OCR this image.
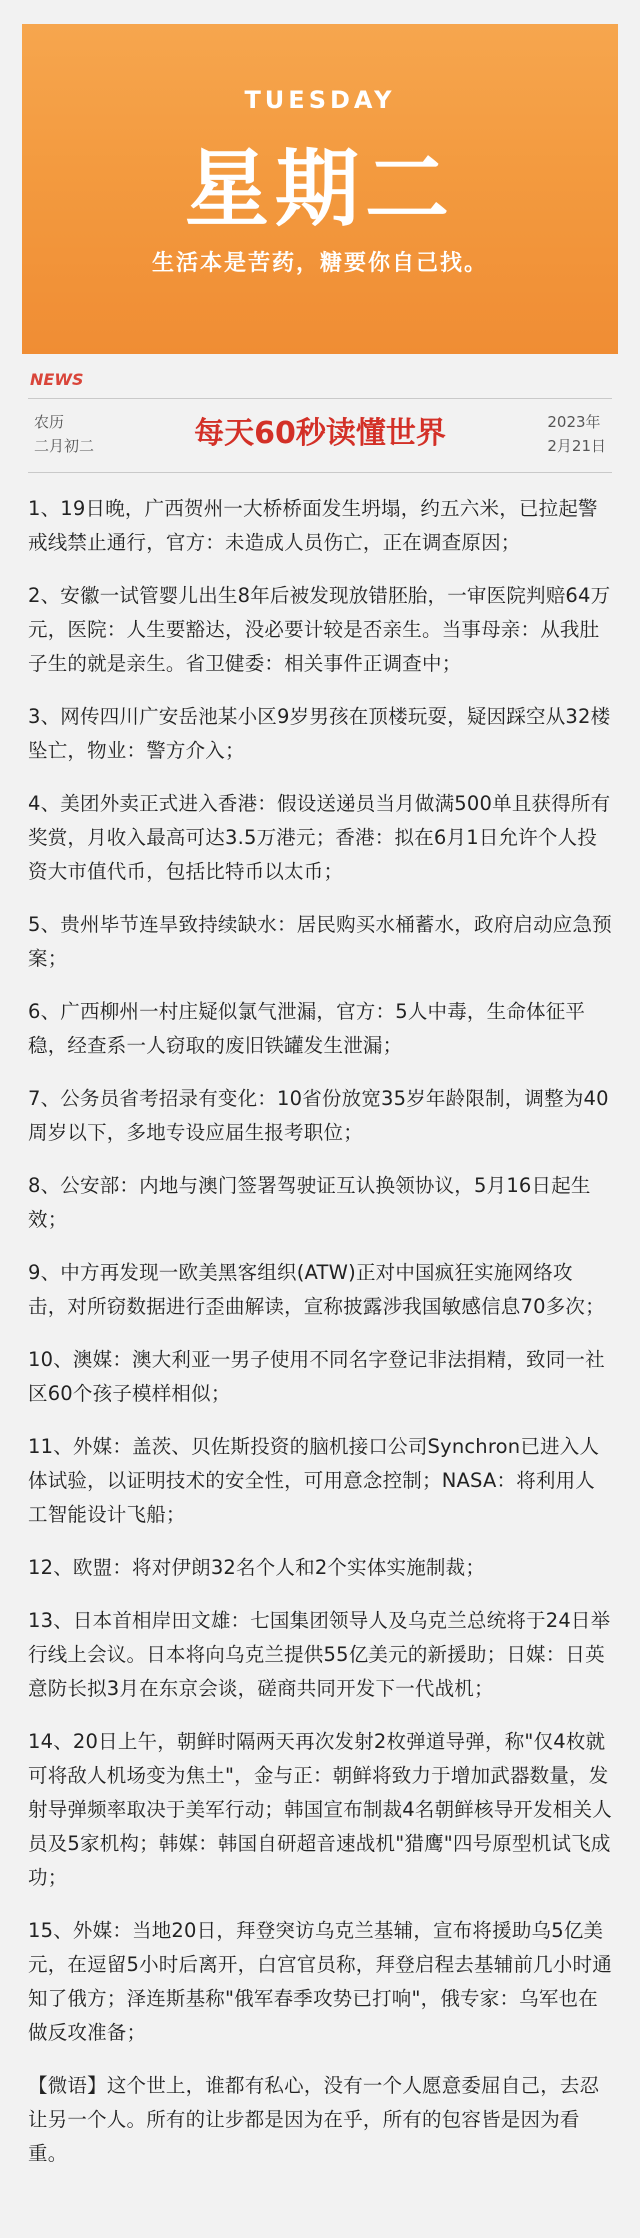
TUESDAY
星期二
生活本是苦药，糖要你自己找。
NEWS
农历
二月初二	每天60秒读懂世界	2023年
2月21日

1、19日晚，广西贺州一大桥桥面发生坍塌，约五六米，已拉起警戒线禁止通行，官方：未造成人员伤亡，正在调查原因；

2、安徽一试管婴儿出生8年后被发现放错胚胎，一审医院判赔64万元，医院：人生要豁达，没必要计较是否亲生。当事母亲：从我肚子生的就是亲生。省卫健委：相关事件正调查中；

3、网传四川广安岳池某小区9岁男孩在顶楼玩耍，疑因踩空从32楼坠亡，物业：警方介入；

4、美团外卖正式进入香港：假设送递员当月做满500单且获得所有奖赏，月收入最高可达3.5万港元；香港：拟在6月1日允许个人投资大市值代币，包括比特币以太币；

5、贵州毕节连旱致持续缺水：居民购买水桶蓄水，政府启动应急预案；

6、广西柳州一村庄疑似氯气泄漏，官方：5人中毒，生命体征平稳，经查系一人窃取的废旧铁罐发生泄漏；

7、公务员省考招录有变化：10省份放宽35岁年龄限制，调整为40周岁以下，多地专设应届生报考职位；

8、公安部：内地与澳门签署驾驶证互认换领协议，5月16日起生效；

9、中方再发现一欧美黑客组织(ATW)正对中国疯狂实施网络攻击，对所窃数据进行歪曲解读，宣称披露涉我国敏感信息70多次；

10、澳媒：澳大利亚一男子使用不同名字登记非法捐精，致同一社区60个孩子模样相似；

11、外媒：盖茨、贝佐斯投资的脑机接口公司Synchron已进入人体试验，以证明技术的安全性，可用意念控制；NASA：将利用人工智能设计飞船；

12、欧盟：将对伊朗32名个人和2个实体实施制裁；

13、日本首相岸田文雄：七国集团领导人及乌克兰总统将于24日举行线上会议。日本将向乌克兰提供55亿美元的新援助；日媒：日英意防长拟3月在东京会谈，磋商共同开发下一代战机；

14、20日上午，朝鲜时隔两天再次发射2枚弹道导弹，称"仅4枚就可将敌人机场变为焦土"，金与正：朝鲜将致力于增加武器数量，发射导弹频率取决于美军行动；韩国宣布制裁4名朝鲜核导开发相关人员及5家机构；韩媒：韩国自研超音速战机"猎鹰"四号原型机试飞成功；

15、外媒：当地20日，拜登突访乌克兰基辅，宣布将援助乌5亿美元，在逗留5小时后离开，白宫官员称，拜登启程去基辅前几小时通知了俄方；泽连斯基称"俄军春季攻势已打响"，俄专家：乌军也在做反攻准备；

【微语】这个世上，谁都有私心，没有一个人愿意委屈自己，去忍让另一个人。所有的让步都是因为在乎，所有的包容皆是因为看重。
